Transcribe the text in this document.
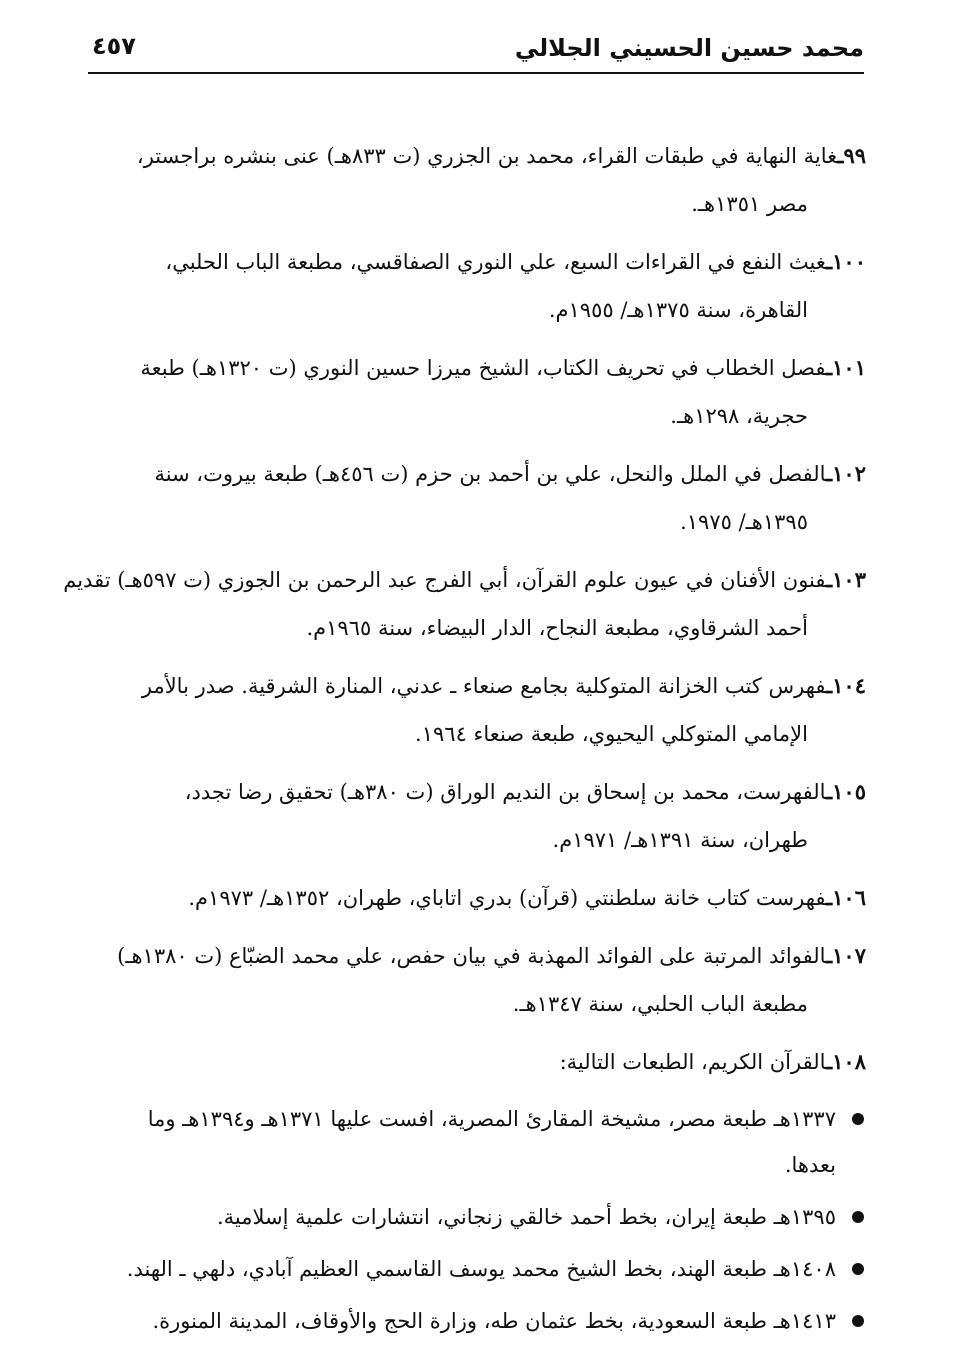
محمد حسين الحسيني الجلالي
٤٥٧
٩٩ـغاية النهاية في طبقات القراء، محمد بن الجزري (ت ٨٣٣هـ) عنى بنشره براجستر،
مصر ١٣٥١هـ.
١٠٠ـغيث النفع في القراءات السبع، علي النوري الصفاقسي، مطبعة الباب الحلبي،
القاهرة، سنة ١٣٧٥هـ/ ١٩٥٥م.
١٠١ـفصل الخطاب في تحريف الكتاب، الشيخ ميرزا حسين النوري (ت ١٣٢٠هـ) طبعة
حجرية، ١٢٩٨هـ.
١٠٢ـالفصل في الملل والنحل، علي بن أحمد بن حزم (ت ٤٥٦هـ) طبعة بيروت، سنة
١٣٩٥هـ/ ١٩٧٥.
١٠٣ـفنون الأفنان في عيون علوم القرآن، أبي الفرج عبد الرحمن بن الجوزي (ت ٥٩٧هـ) تقديم
أحمد الشرقاوي، مطبعة النجاح، الدار البيضاء، سنة ١٩٦٥م.
١٠٤ـفهرس كتب الخزانة المتوكلية بجامع صنعاء ـ عدني، المنارة الشرقية. صدر بالأمر
الإمامي المتوكلي اليحيوي، طبعة صنعاء ١٩٦٤.
١٠٥ـالفهرست، محمد بن إسحاق بن النديم الوراق (ت ٣٨٠هـ) تحقيق رضا تجدد،
طهران، سنة ١٣٩١هـ/ ١٩٧١م.
١٠٦ـفهرست كتاب خانة سلطنتي (قرآن) بدري اتاباي، طهران، ١٣٥٢هـ/ ١٩٧٣م.
١٠٧ـالفوائد المرتبة على الفوائد المهذبة في بيان حفص، علي محمد الضبّاع (ت ١٣٨٠هـ)
مطبعة الباب الحلبي، سنة ١٣٤٧هـ.
١٠٨ـالقرآن الكريم، الطبعات التالية:
١٣٣٧هـ طبعة مصر، مشيخة المقارئ المصرية، افست عليها ١٣٧١هـ و١٣٩٤هـ وما
بعدها.
١٣٩٥هـ طبعة إيران، بخط أحمد خالقي زنجاني، انتشارات علمية إسلامية.
١٤٠٨هـ طبعة الهند، بخط الشيخ محمد يوسف القاسمي العظيم آبادي، دلهي ـ الهند.
١٤١٣هـ طبعة السعودية، بخط عثمان طه، وزارة الحج والأوقاف، المدينة المنورة.
